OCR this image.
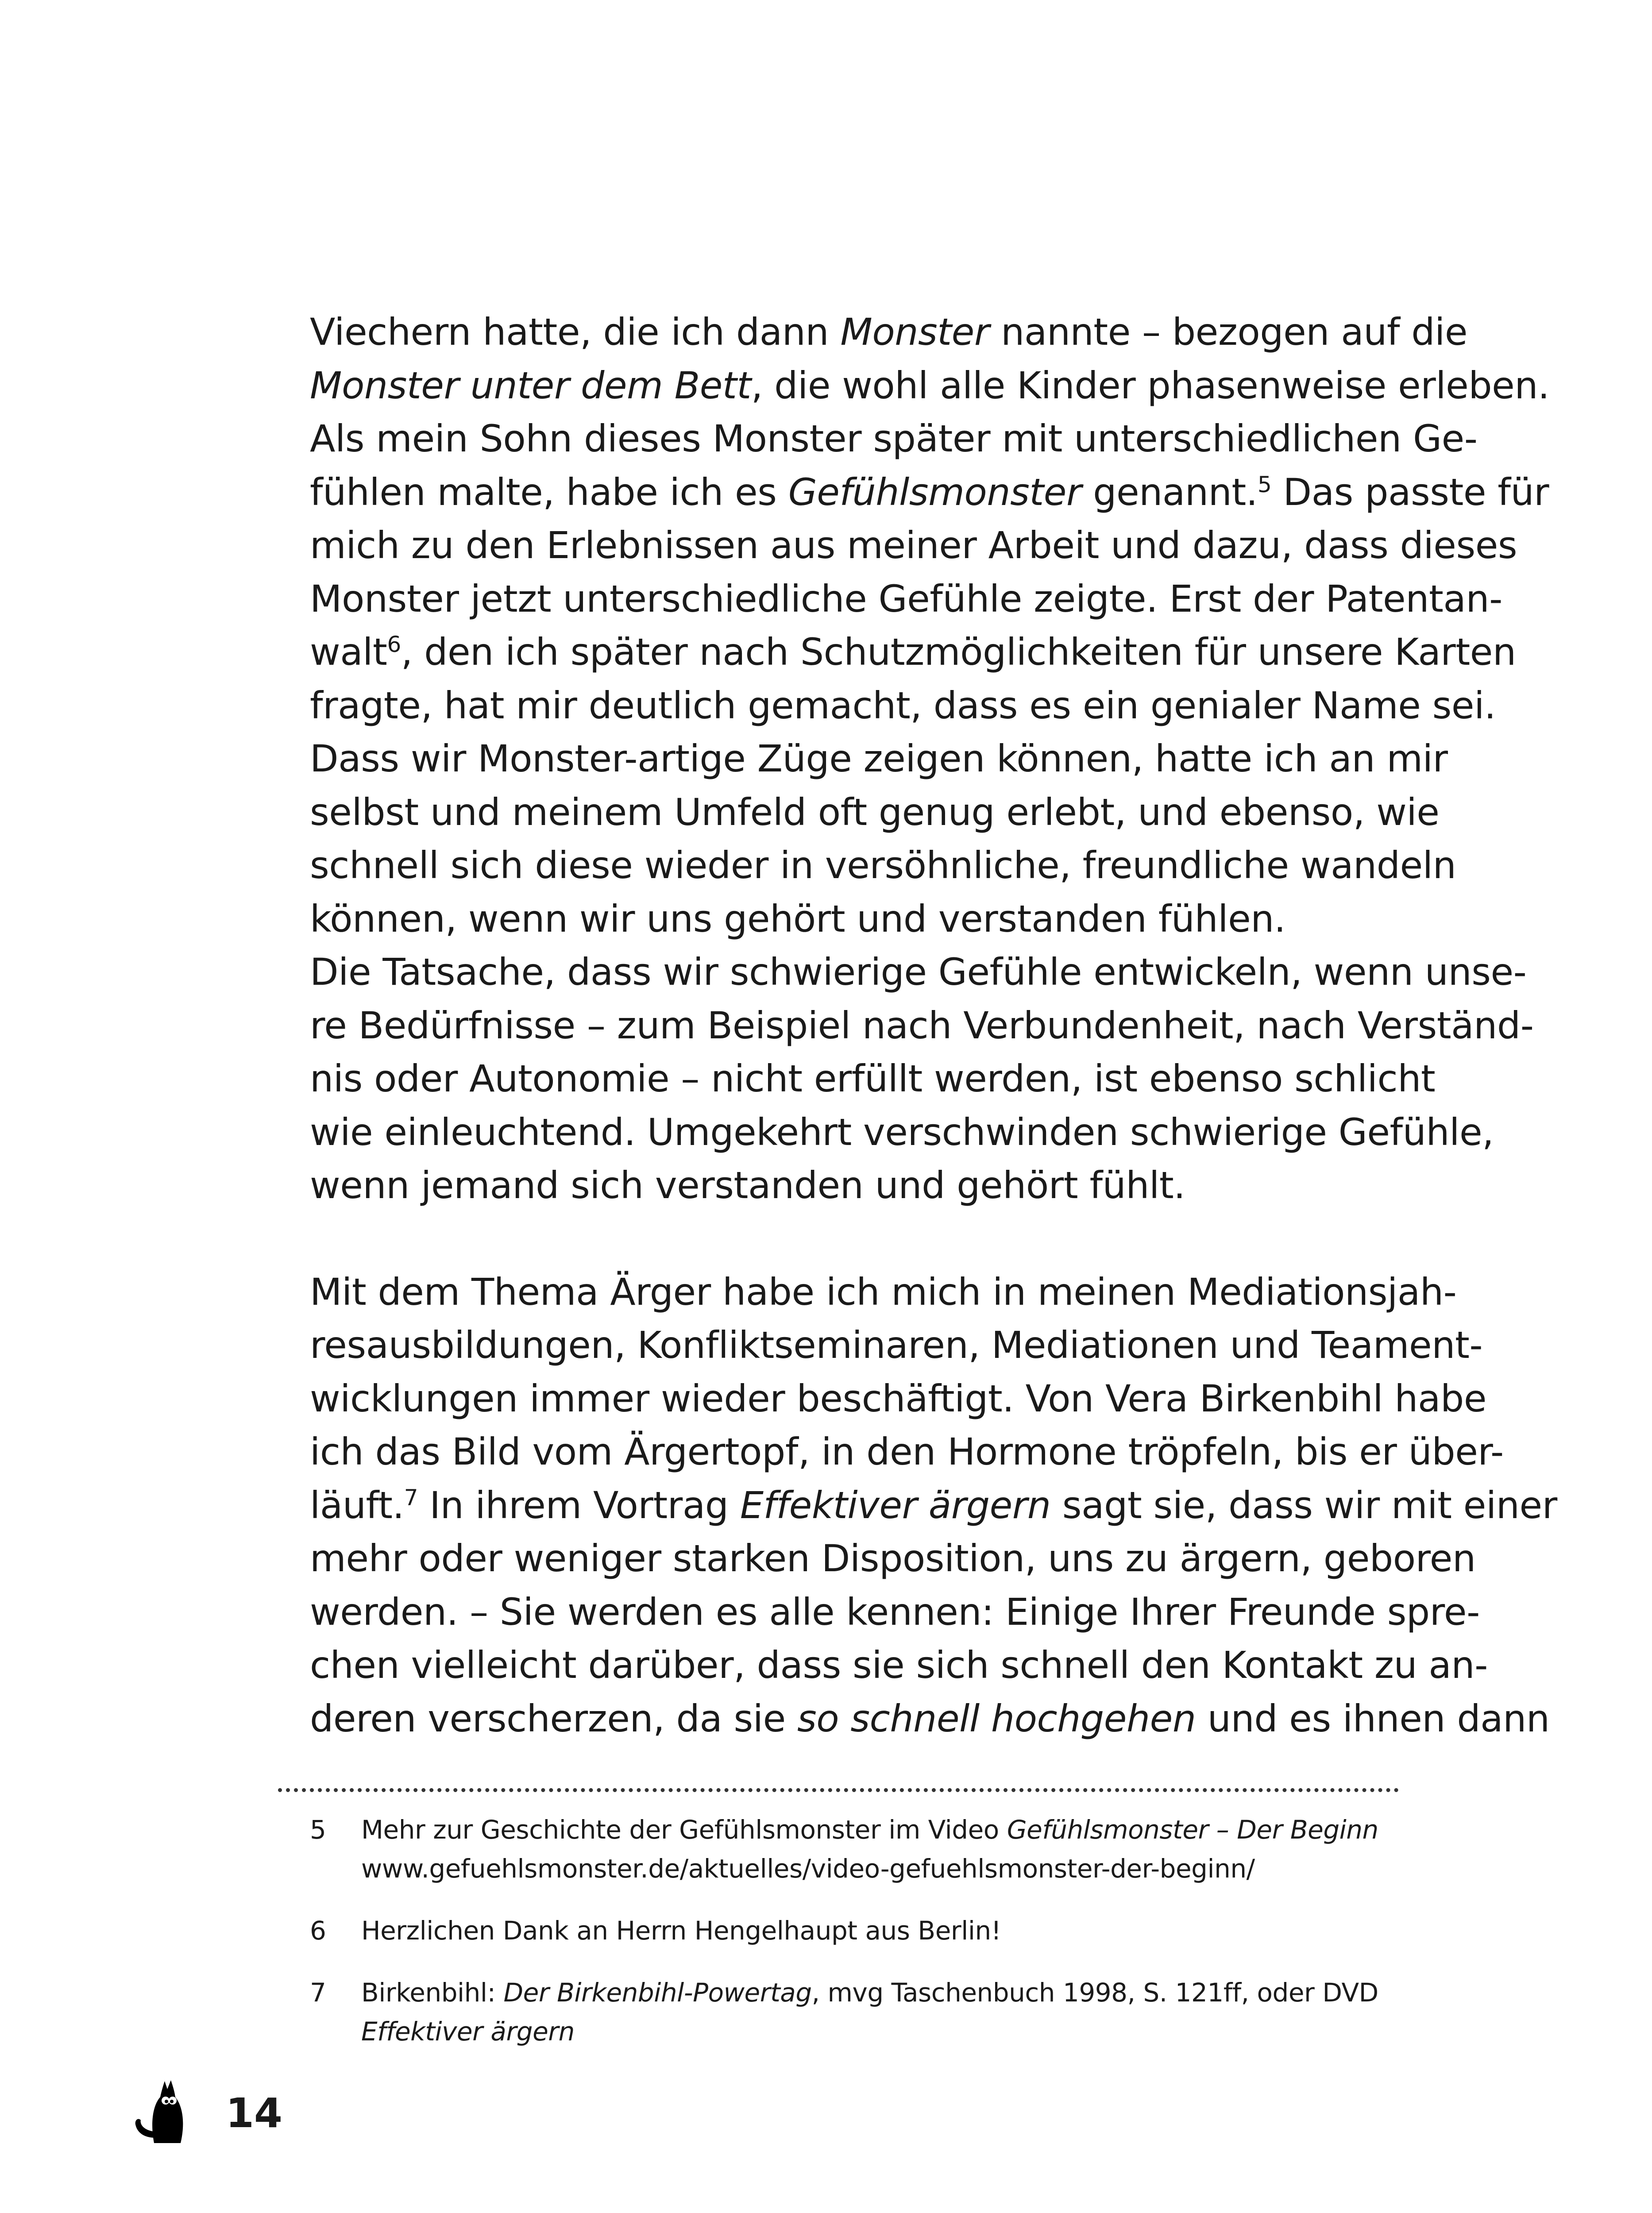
Viechern hatte, die ich dann Monster nannte – bezogen auf die
Monster unter dem Bett, die wohl alle Kinder phasenweise erleben.
Als mein Sohn dieses Monster später mit unterschiedlichen Ge-
fühlen malte, habe ich es Gefühlsmonster genannt.$^5$ Das passte für
mich zu den Erlebnissen aus meiner Arbeit und dazu, dass dieses
Monster jetzt unterschiedliche Gefühle zeigte. Erst der Patentan-
walt$^6$, den ich später nach Schutzmöglichkeiten für unsere Karten
fragte, hat mir deutlich gemacht, dass es ein genialer Name sei.
Dass wir Monster-artige Züge zeigen können, hatte ich an mir
selbst und meinem Umfeld oft genug erlebt, und ebenso, wie
schnell sich diese wieder in versöhnliche, freundliche wandeln
können, wenn wir uns gehört und verstanden fühlen.
Die Tatsache, dass wir schwierige Gefühle entwickeln, wenn unse-
re Bedürfnisse – zum Beispiel nach Verbundenheit, nach Verständ-
nis oder Autonomie – nicht erfüllt werden, ist ebenso schlicht
wie einleuchtend. Umgekehrt verschwinden schwierige Gefühle,
wenn jemand sich verstanden und gehört fühlt.
Mit dem Thema Ärger habe ich mich in meinen Mediationsjah-
resausbildungen, Konfliktseminaren, Mediationen und Teament-
wicklungen immer wieder beschäftigt. Von Vera Birkenbihl habe
ich das Bild vom Ärgertopf, in den Hormone tröpfeln, bis er über-
läuft.$^7$ In ihrem Vortrag Effektiver ärgern sagt sie, dass wir mit einer
mehr oder weniger starken Disposition, uns zu ärgern, geboren
werden. – Sie werden es alle kennen: Einige Ihrer Freunde spre-
chen vielleicht darüber, dass sie sich schnell den Kontakt zu an-
deren verscherzen, da sie so schnell hochgehen und es ihnen dann
5 Mehr zur Geschichte der Gefühlsmonster im Video Gefühlsmonster – Der Beginn
www.gefuehlsmonster.de/aktuelles/video-gefuehlsmonster-der-beginn/
6 Herzlichen Dank an Herrn Hengelhaupt aus Berlin!
7 Birkenbihl: Der Birkenbihl-Powertag, mvg Taschenbuch 1998, S. 121ff, oder DVD
Effektiver ärgern
14
